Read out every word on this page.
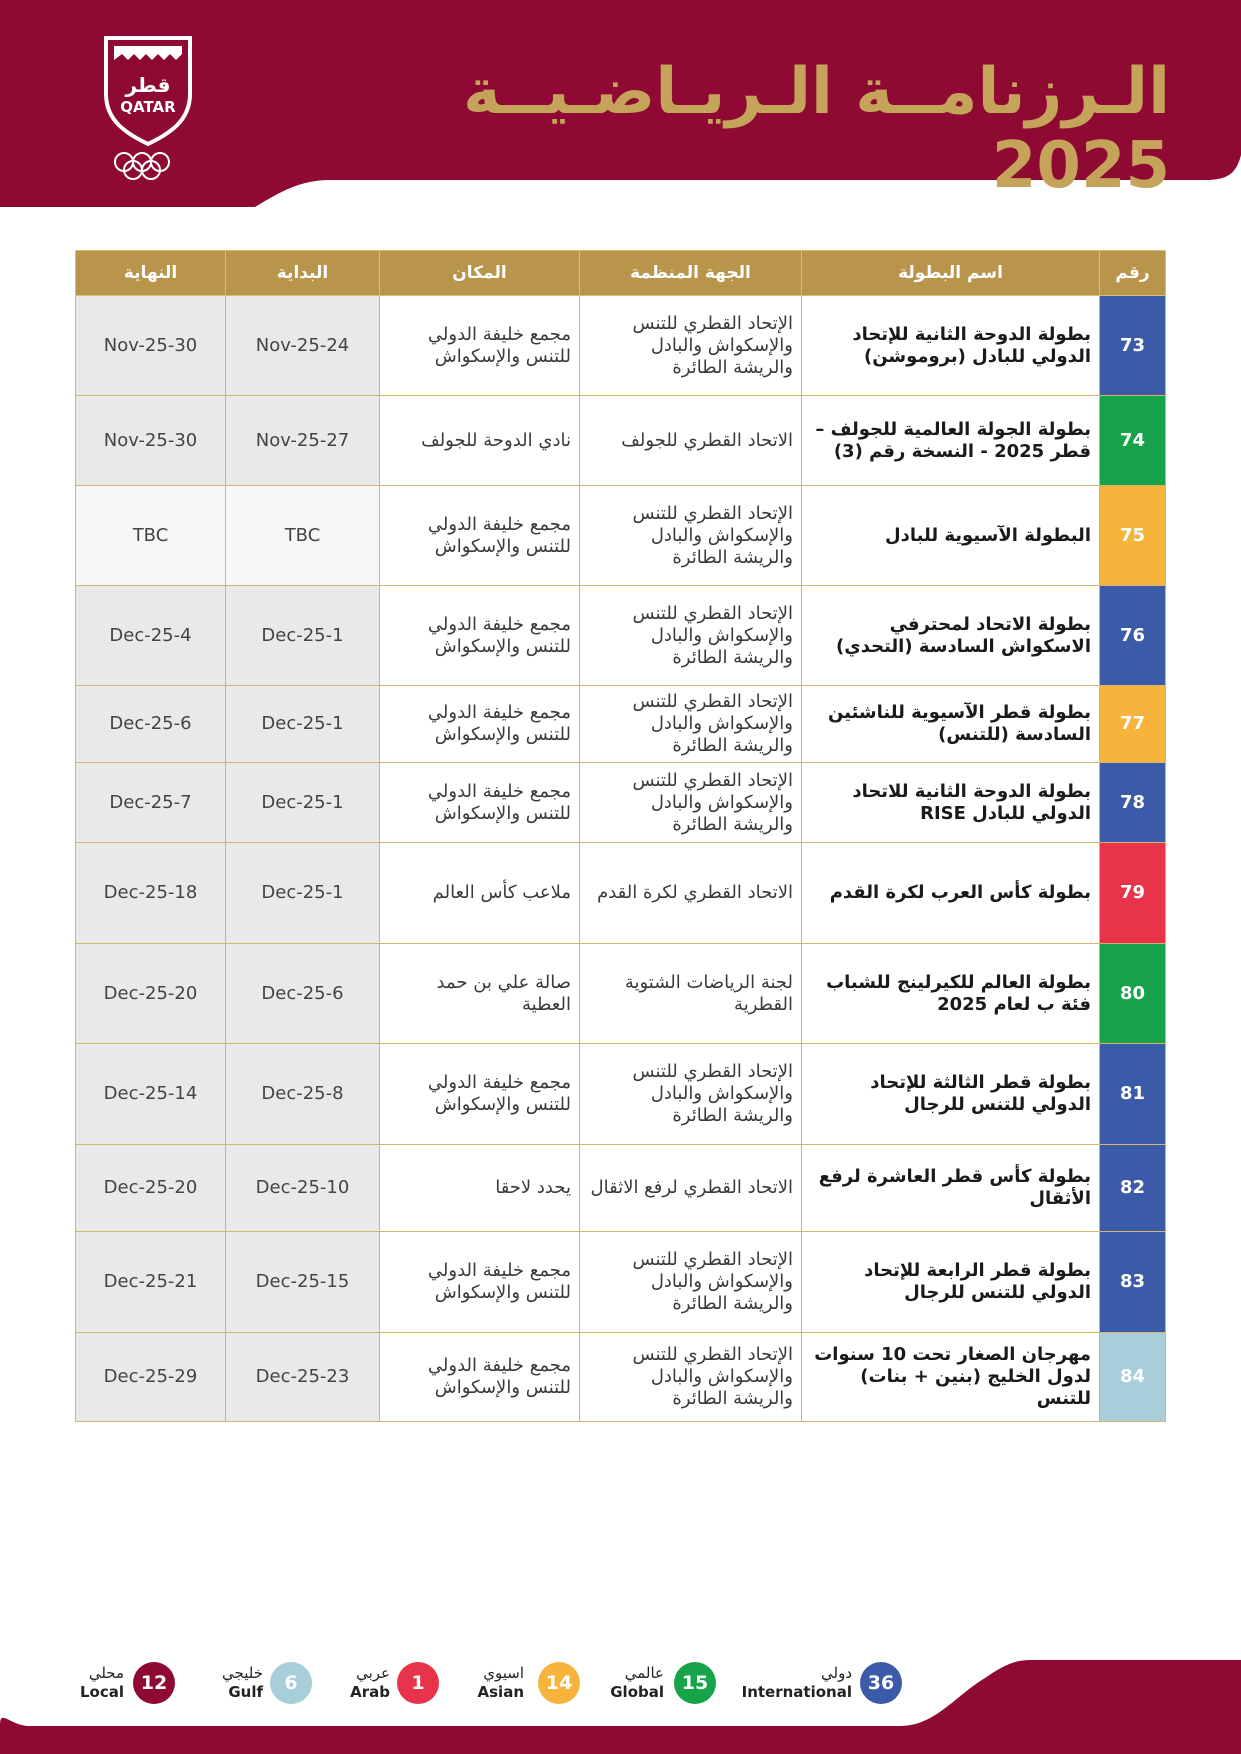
قطر
QATAR	الـرزنامــة الـريـاضـيــة 2025
رقم	اسم البطولة	الجهة المنظمة	المكان	البداية	النهاية
73	بطولة الدوحة الثانية للإتحاد الدولي للبادل (بروموشن)	الإتحاد القطري للتنس والإسكواش والبادل والريشة الطائرة	مجمع خليفة الدولي للتنس والإسكواش	24-Nov-25	30-Nov-25
74	بطولة الجولة العالمية للجولف – قطر 2025 - النسخة رقم (3)	الاتحاد القطري للجولف	نادي الدوحة للجولف	27-Nov-25	30-Nov-25
75	البطولة الآسيوية للبادل	الإتحاد القطري للتنس والإسكواش والبادل والريشة الطائرة	مجمع خليفة الدولي للتنس والإسكواش	TBC	TBC
76	بطولة الاتحاد لمحترفي الاسكواش السادسة (التحدي)	الإتحاد القطري للتنس والإسكواش والبادل والريشة الطائرة	مجمع خليفة الدولي للتنس والإسكواش	1-Dec-25	4-Dec-25
77	بطولة قطر الآسيوية للناشئين السادسة (للتنس)	الإتحاد القطري للتنس والإسكواش والبادل والريشة الطائرة	مجمع خليفة الدولي للتنس والإسكواش	1-Dec-25	6-Dec-25
78	بطولة الدوحة الثانية للاتحاد الدولي للبادل RISE	الإتحاد القطري للتنس والإسكواش والبادل والريشة الطائرة	مجمع خليفة الدولي للتنس والإسكواش	1-Dec-25	7-Dec-25
79	بطولة كأس العرب لكرة القدم	الاتحاد القطري لكرة القدم	ملاعب كأس العالم	1-Dec-25	18-Dec-25
80	بطولة العالم للكيرلينج للشباب فئة ب لعام 2025	لجنة الرياضات الشتوية القطرية	صالة علي بن حمد العطية	6-Dec-25	20-Dec-25
81	بطولة قطر الثالثة للإتحاد الدولي للتنس للرجال	الإتحاد القطري للتنس والإسكواش والبادل والريشة الطائرة	مجمع خليفة الدولي للتنس والإسكواش	8-Dec-25	14-Dec-25
82	بطولة كأس قطر العاشرة لرفع الأثقال	الاتحاد القطري لرفع الاثقال	يحدد لاحقا	10-Dec-25	20-Dec-25
83	بطولة قطر الرابعة للإتحاد الدولي للتنس للرجال	الإتحاد القطري للتنس والإسكواش والبادل والريشة الطائرة	مجمع خليفة الدولي للتنس والإسكواش	15-Dec-25	21-Dec-25
84	مهرجان الصغار تحت 10 سنوات لدول الخليج (بنين + بنات) للتنس	الإتحاد القطري للتنس والإسكواش والبادل والريشة الطائرة	مجمع خليفة الدولي للتنس والإسكواش	23-Dec-25	29-Dec-25
دولي
International 36
عالمي
Global 15
اسيوي
Asian	14
عربي
Arab	1
خليجي
Gulf	6
محلي
Local 12
